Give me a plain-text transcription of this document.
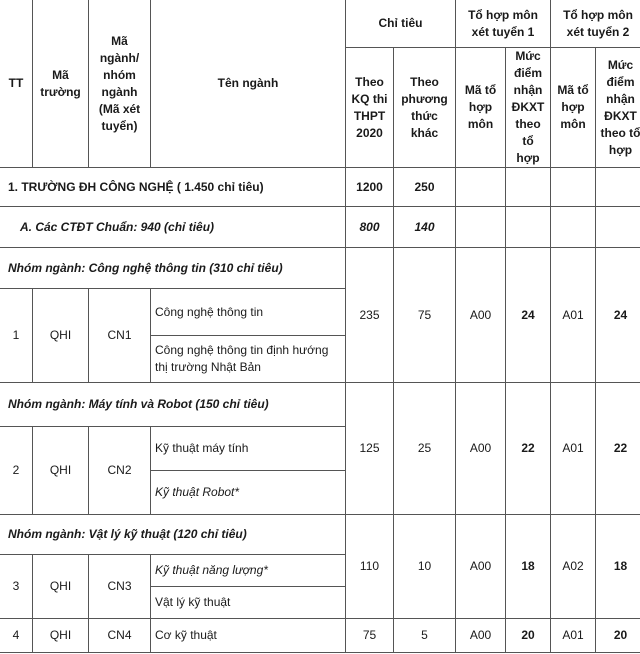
TT	Mã trường	Mã ngành/ nhóm ngành (Mã xét tuyển)	Tên ngành	Chỉ tiêu		Tổ hợp môn xét tuyển 1		Tổ hợp môn xét tuyển 2	
				Theo KQ thi THPT 2020	Theo phương thức khác	Mã tổ hợp môn	Mức điểm nhận ĐKXT theo tổ hợp	Mã tổ hợp môn	Mức điểm nhận ĐKXT theo tổ hợp
1. TRƯỜNG ĐH CÔNG NGHỆ ( 1.450 chỉ tiêu)				1200	250				
A. Các CTĐT Chuẩn: 940 (chỉ tiêu)				800	140				
Nhóm ngành: Công nghệ thông tin (310 chỉ tiêu)				235	75	A00	24	A01	24
1	QHI	CN1	Công nghệ thông tin						
			Công nghệ thông tin định hướng thị trường Nhật Bản						
Nhóm ngành: Máy tính và Robot (150 chỉ tiêu)				125	25	A00	22	A01	22
2	QHI	CN2	Kỹ thuật máy tính						
			Kỹ thuật Robot*						
Nhóm ngành: Vật lý kỹ thuật (120 chỉ tiêu)				110	10	A00	18	A02	18
3	QHI	CN3	Kỹ thuật năng lượng*						
			Vật lý kỹ thuật						
4	QHI	CN4	Cơ kỹ thuật	75	5	A00	20	A01	20
